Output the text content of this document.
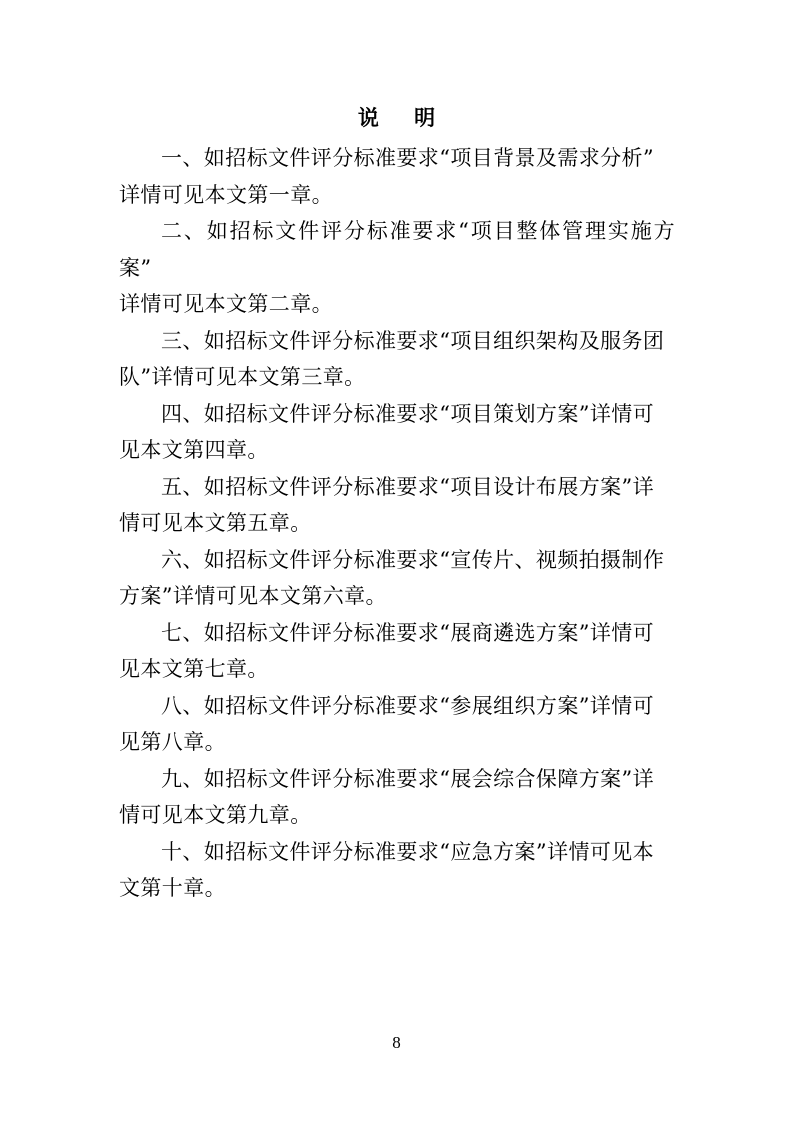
说 明

一、如招标文件评分标准要求“项目背景及需求分析”
详情可见本文第一章。

二、如招标文件评分标准要求“项目整体管理实施方案”
详情可见本文第二章。

三、如招标文件评分标准要求“项目组织架构及服务团
队”详情可见本文第三章。

四、如招标文件评分标准要求“项目策划方案”详情可
见本文第四章。

五、如招标文件评分标准要求“项目设计布展方案”详
情可见本文第五章。

六、如招标文件评分标准要求“宣传片、视频拍摄制作
方案”详情可见本文第六章。

七、如招标文件评分标准要求“展商遴选方案”详情可
见本文第七章。

八、如招标文件评分标准要求“参展组织方案”详情可
见第八章。

九、如招标文件评分标准要求“展会综合保障方案”详
情可见本文第九章。

十、如招标文件评分标准要求“应急方案”详情可见本
文第十章。

8
